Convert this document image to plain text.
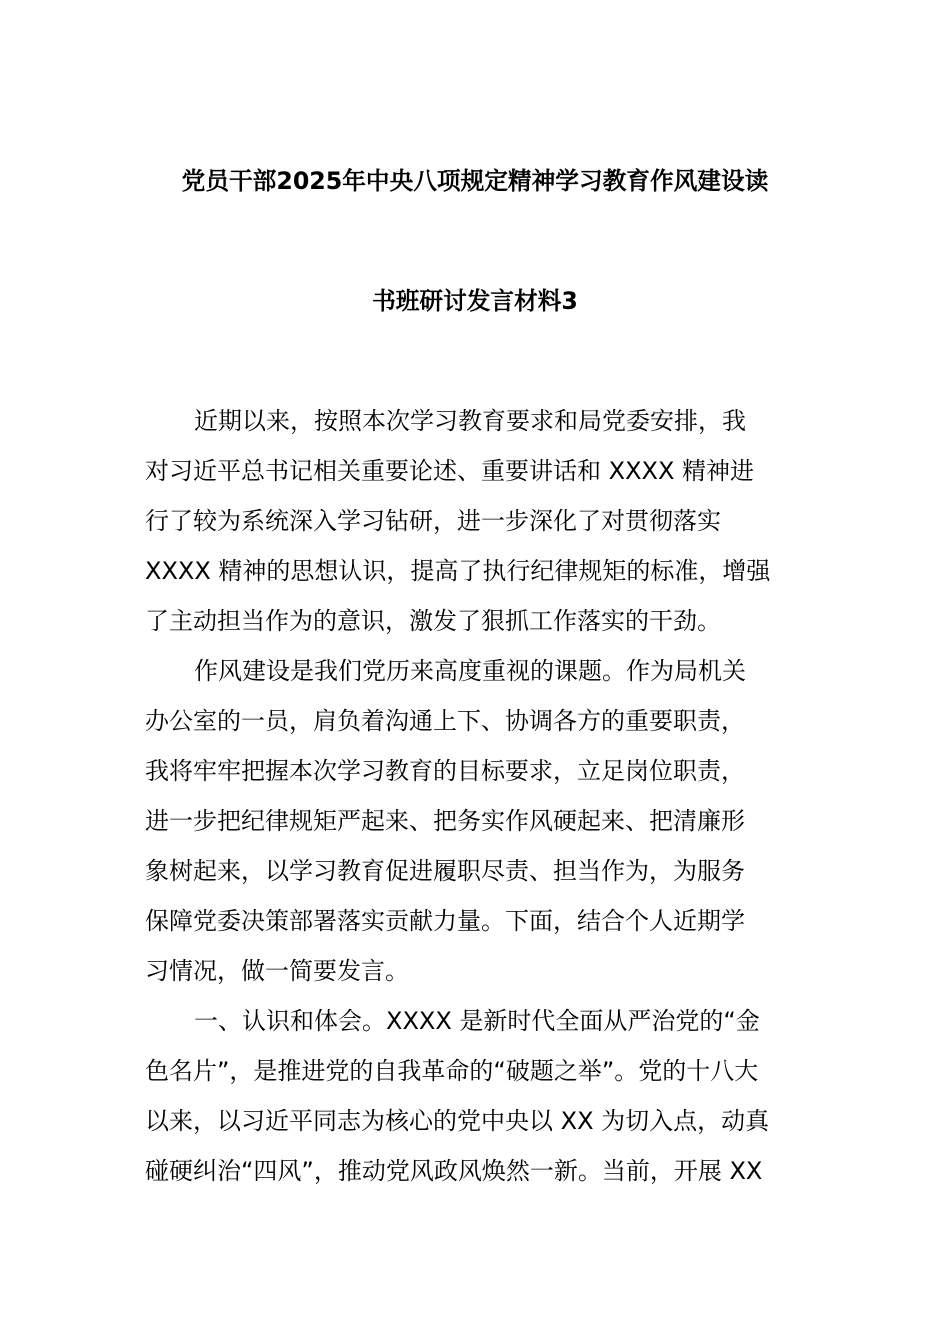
党员干部2025年中央八项规定精神学习教育作风建设读
书班研讨发言材料3
近期以来，按照本次学习教育要求和局党委安排，我
对习近平总书记相关重要论述、重要讲话和 XXXX 精神进
行了较为系统深入学习钻研，进一步深化了对贯彻落实
XXXX 精神的思想认识，提高了执行纪律规矩的标准，增强
了主动担当作为的意识，激发了狠抓工作落实的干劲。
作风建设是我们党历来高度重视的课题。作为局机关
办公室的一员，肩负着沟通上下、协调各方的重要职责，
我将牢牢把握本次学习教育的目标要求，立足岗位职责，
进一步把纪律规矩严起来、把务实作风硬起来、把清廉形
象树起来，以学习教育促进履职尽责、担当作为，为服务
保障党委决策部署落实贡献力量。下面，结合个人近期学
习情况，做一简要发言。
一、认识和体会。XXXX 是新时代全面从严治党的“金
色名片”，是推进党的自我革命的“破题之举”。党的十八大
以来，以习近平同志为核心的党中央以 XX 为切入点，动真
碰硬纠治“四风”，推动党风政风焕然一新。当前，开展 XX
